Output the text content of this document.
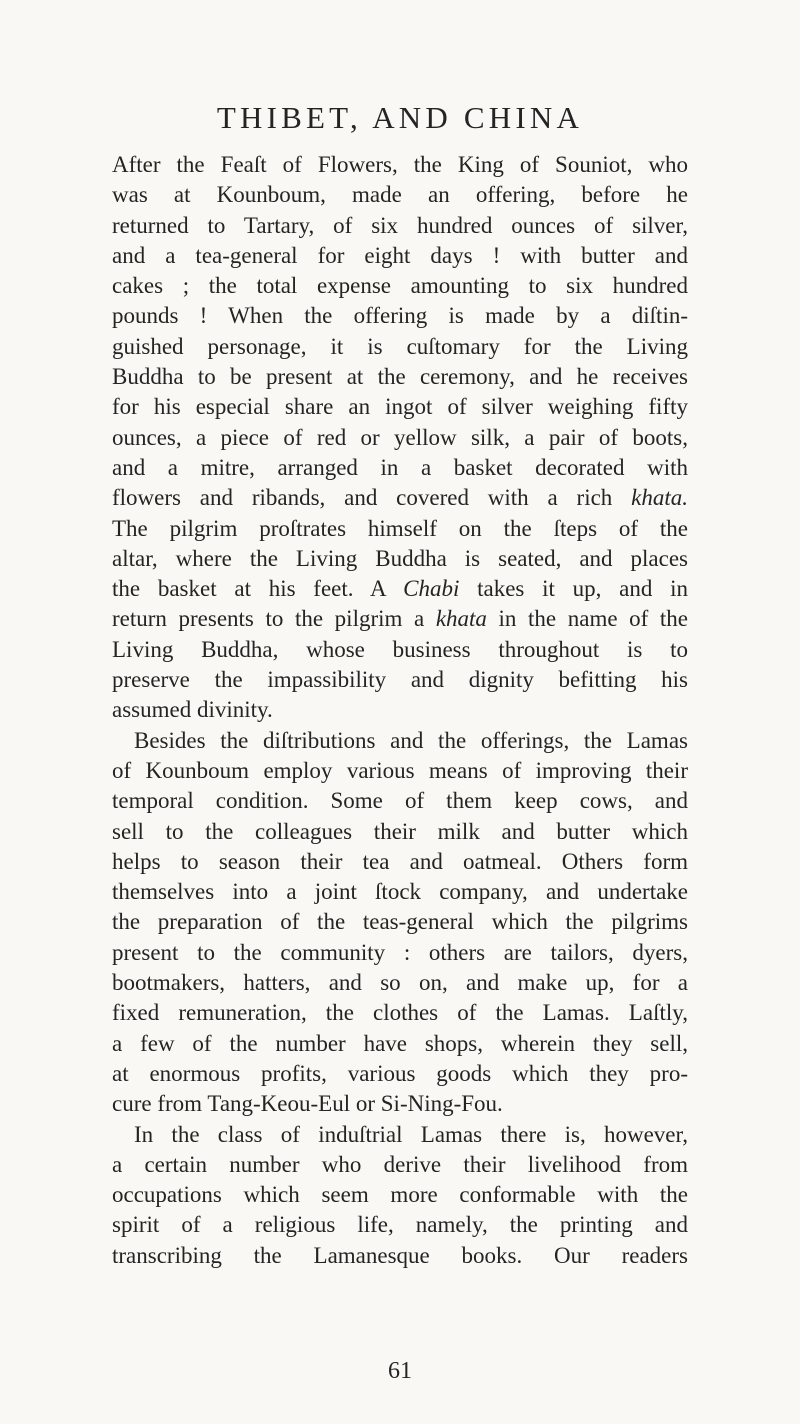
THIBET, AND CHINA
After the Feaſt of Flowers, the King of Souniot, who
was at Kounboum, made an offering, before he
returned to Tartary, of six hundred ounces of silver,
and a tea-general for eight days ! with butter and
cakes ; the total expense amounting to six hundred
pounds ! When the offering is made by a diſtin-
guished personage, it is cuſtomary for the Living
Buddha to be present at the ceremony, and he receives
for his especial share an ingot of silver weighing fifty
ounces, a piece of red or yellow silk, a pair of boots,
and a mitre, arranged in a basket decorated with
flowers and ribands, and covered with a rich khata.
The pilgrim proſtrates himself on the ſteps of the
altar, where the Living Buddha is seated, and places
the basket at his feet. A Chabi takes it up, and in
return presents to the pilgrim a khata in the name of the
Living Buddha, whose business throughout is to
preserve the impassibility and dignity befitting his
assumed divinity.
Besides the diſtributions and the offerings, the Lamas
of Kounboum employ various means of improving their
temporal condition. Some of them keep cows, and
sell to the colleagues their milk and butter which
helps to season their tea and oatmeal. Others form
themselves into a joint ſtock company, and undertake
the preparation of the teas-general which the pilgrims
present to the community : others are tailors, dyers,
bootmakers, hatters, and so on, and make up, for a
fixed remuneration, the clothes of the Lamas. Laſtly,
a few of the number have shops, wherein they sell,
at enormous profits, various goods which they pro-
cure from Tang-Keou-Eul or Si-Ning-Fou.
In the class of induſtrial Lamas there is, however,
a certain number who derive their livelihood from
occupations which seem more conformable with the
spirit of a religious life, namely, the printing and
transcribing the Lamanesque books. Our readers
61
